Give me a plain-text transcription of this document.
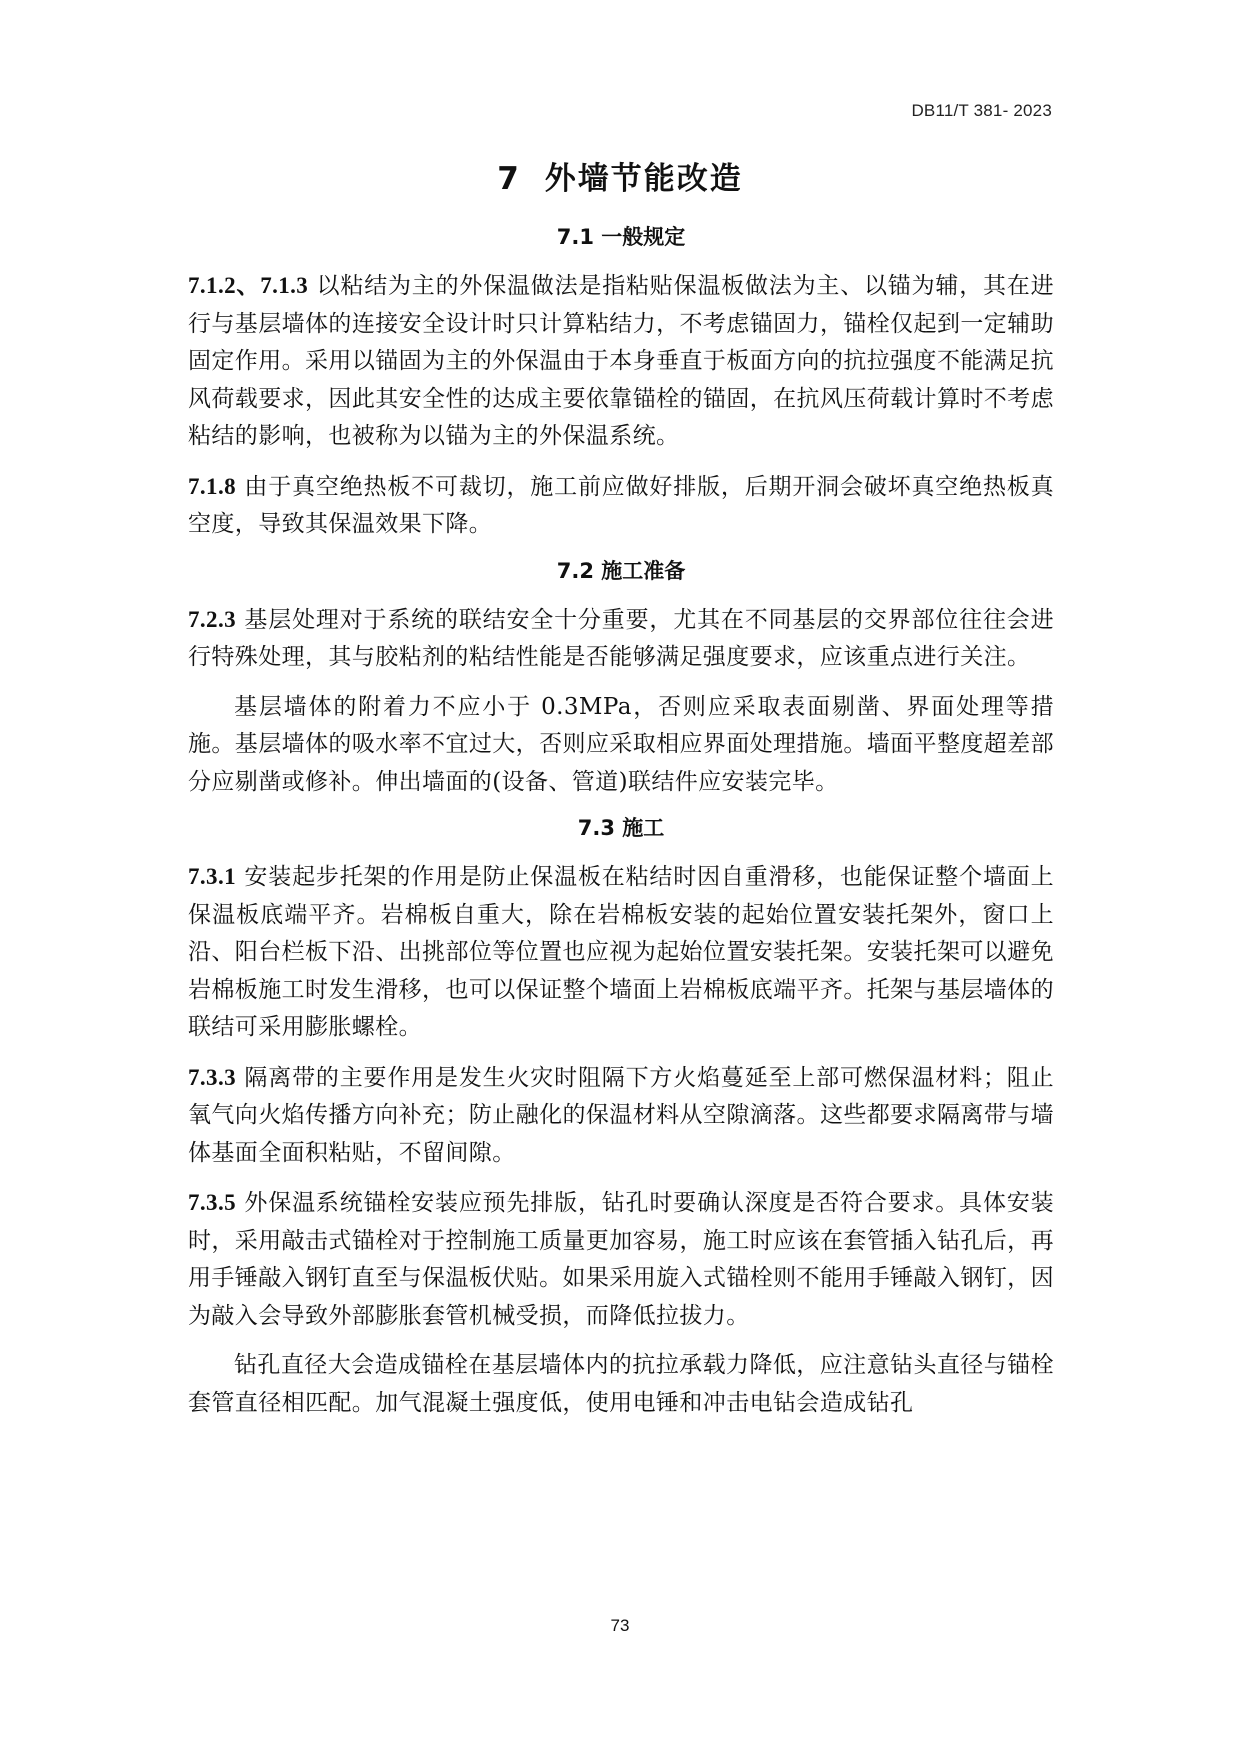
DB11/T 381- 2023
7 外墙节能改造
7.1 一般规定

7.1.2、7.1.3 以粘结为主的外保温做法是指粘贴保温板做法为主、以锚为辅，其在进行与基层墙体的连接安全设计时只计算粘结力，不考虑锚固力，锚栓仅起到一定辅助固定作用。采用以锚固为主的外保温由于本身垂直于板面方向的抗拉强度不能满足抗风荷载要求，因此其安全性的达成主要依靠锚栓的锚固，在抗风压荷载计算时不考虑粘结的影响，也被称为以锚为主的外保温系统。

7.1.8 由于真空绝热板不可裁切，施工前应做好排版，后期开洞会破坏真空绝热板真空度，导致其保温效果下降。

7.2 施工准备

7.2.3 基层处理对于系统的联结安全十分重要，尤其在不同基层的交界部位往往会进行特殊处理，其与胶粘剂的粘结性能是否能够满足强度要求，应该重点进行关注。

基层墙体的附着力不应小于 0.3MPa，否则应采取表面剔凿、界面处理等措施。基层墙体的吸水率不宜过大，否则应采取相应界面处理措施。墙面平整度超差部分应剔凿或修补。伸出墙面的(设备、管道)联结件应安装完毕。

7.3 施工

7.3.1 安装起步托架的作用是防止保温板在粘结时因自重滑移，也能保证整个墙面上保温板底端平齐。岩棉板自重大，除在岩棉板安装的起始位置安装托架外，窗口上沿、阳台栏板下沿、出挑部位等位置也应视为起始位置安装托架。安装托架可以避免岩棉板施工时发生滑移，也可以保证整个墙面上岩棉板底端平齐。托架与基层墙体的联结可采用膨胀螺栓。

7.3.3 隔离带的主要作用是发生火灾时阻隔下方火焰蔓延至上部可燃保温材料；阻止氧气向火焰传播方向补充；防止融化的保温材料从空隙滴落。这些都要求隔离带与墙体基面全面积粘贴，不留间隙。

7.3.5 外保温系统锚栓安装应预先排版，钻孔时要确认深度是否符合要求。具体安装时，采用敲击式锚栓对于控制施工质量更加容易，施工时应该在套管插入钻孔后，再用手锤敲入钢钉直至与保温板伏贴。如果采用旋入式锚栓则不能用手锤敲入钢钉，因为敲入会导致外部膨胀套管机械受损，而降低拉拔力。

钻孔直径大会造成锚栓在基层墙体内的抗拉承载力降低，应注意钻头直径与锚栓套管直径相匹配。加气混凝土强度低，使用电锤和冲击电钻会造成钻孔

73
